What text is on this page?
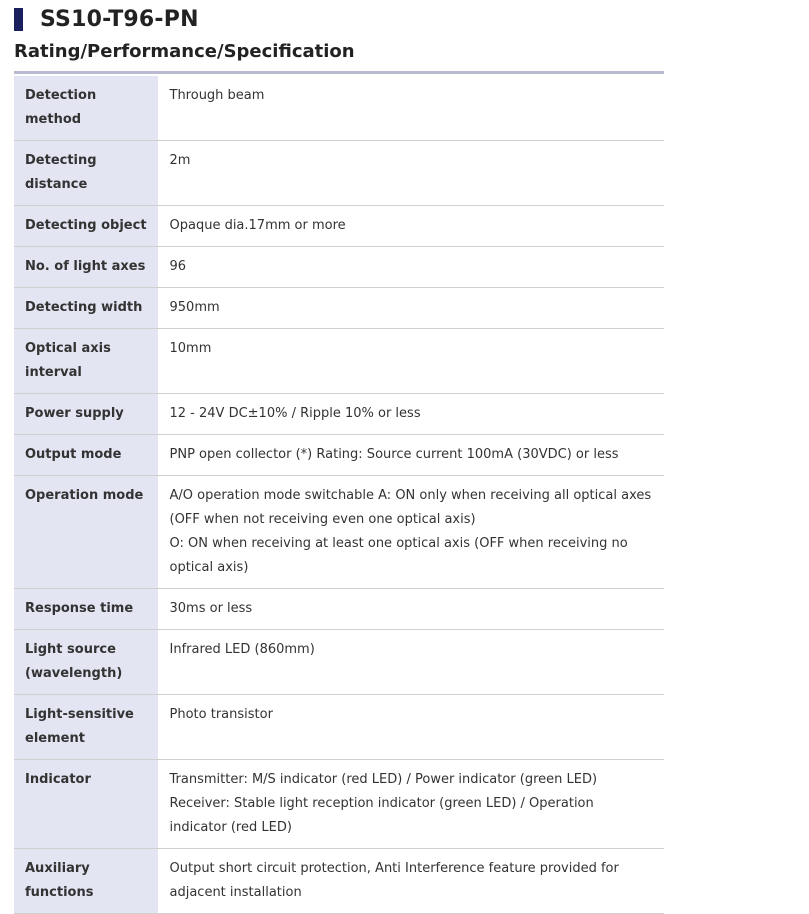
SS10-T96-PN
Rating/Performance/Specification
Detection method	Through beam

Detecting distance	2m

Detecting object	Opaque dia.17mm or more

No. of light axes	96

Detecting width	950mm

Optical axis interval	10mm

Power supply	12 - 24V DC±10% / Ripple 10% or less

Output mode	PNP open collector (*) Rating: Source current 100mA (30VDC) or less

Operation mode	A/O operation mode switchable A: ON only when receiving all optical axes (OFF when not receiving even one optical axis)
O: ON when receiving at least one optical axis (OFF when receiving no optical axis)

Response time	30ms or less

Light source (wavelength)	Infrared LED (860mm)

Light-sensitive element	Photo transistor

Indicator	Transmitter: M/S indicator (red LED) / Power indicator (green LED)
Receiver: Stable light reception indicator (green LED) / Operation indicator (red LED)

Auxiliary functions	Output short circuit protection, Anti Interference feature provided for adjacent installation
